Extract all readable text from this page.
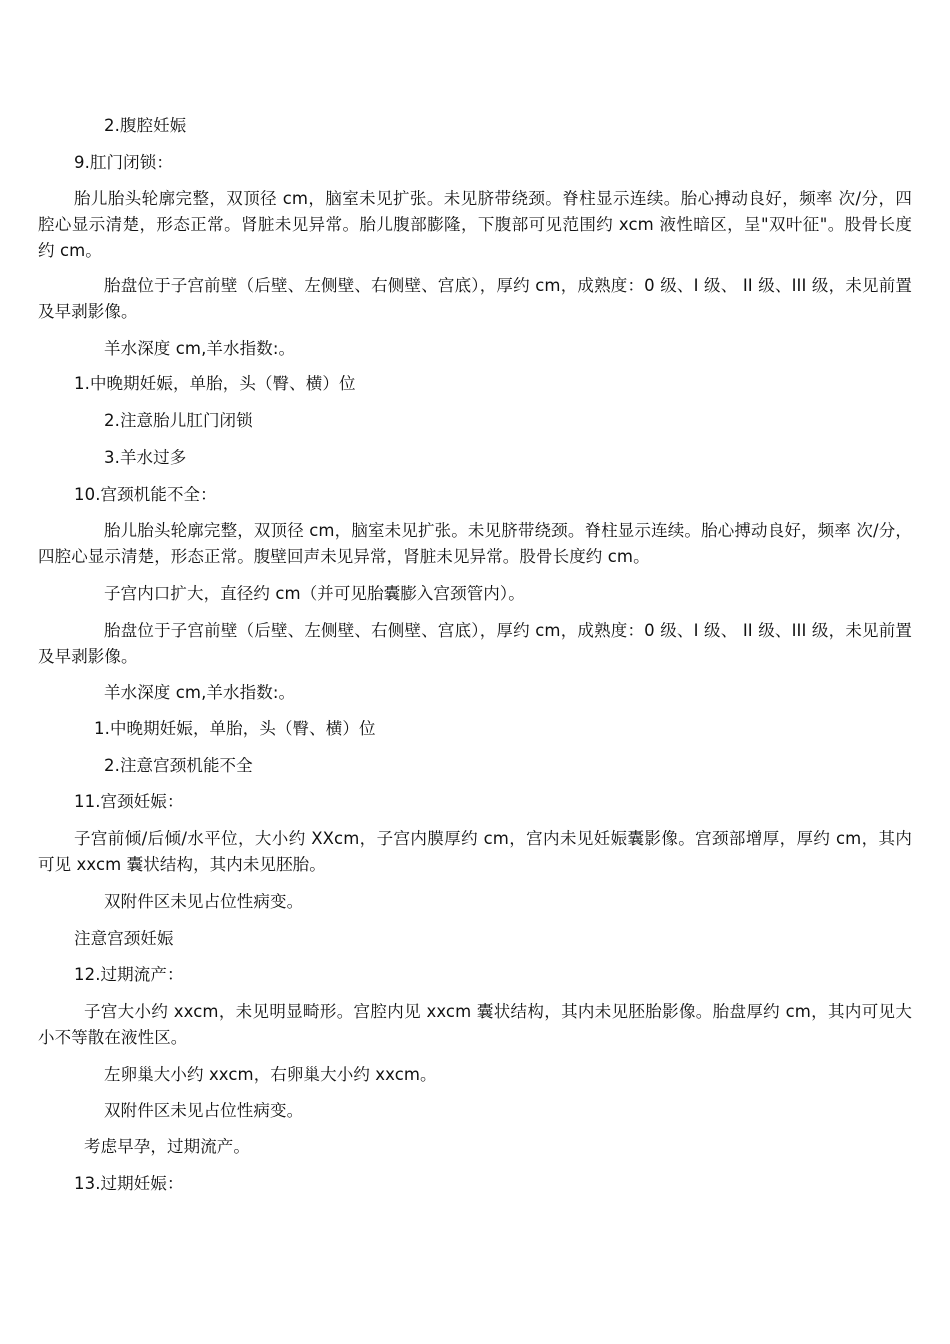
2.腹腔妊娠

9.肛门闭锁：

胎儿胎头轮廓完整，双顶径 cm，脑室未见扩张。未见脐带绕颈。脊柱显示连续。胎心搏动良好，频率 次/分，四腔心显示清楚，形态正常。肾脏未见异常。胎儿腹部膨隆，下腹部可见范围约 xcm 液性暗区，呈"双叶征"。股骨长度约 cm。

胎盘位于子宫前壁（后壁、左侧壁、右侧壁、宫底），厚约 cm，成熟度：0 级、I 级、 II 级、III 级，未见前置及早剥影像。

羊水深度 cm,羊水指数:。

1.中晚期妊娠，单胎，头（臀、横）位

2.注意胎儿肛门闭锁

3.羊水过多

10.宫颈机能不全：

胎儿胎头轮廓完整，双顶径 cm，脑室未见扩张。未见脐带绕颈。脊柱显示连续。胎心搏动良好，频率 次/分，四腔心显示清楚，形态正常。腹壁回声未见异常，肾脏未见异常。股骨长度约 cm。

子宫内口扩大，直径约 cm（并可见胎囊膨入宫颈管内）。

胎盘位于子宫前壁（后壁、左侧壁、右侧壁、宫底），厚约 cm，成熟度：0 级、I 级、 II 级、III 级，未见前置及早剥影像。

羊水深度 cm,羊水指数:。

1.中晚期妊娠，单胎，头（臀、横）位

2.注意宫颈机能不全

11.宫颈妊娠：

子宫前倾/后倾/水平位，大小约 XXcm，子宫内膜厚约 cm，宫内未见妊娠囊影像。宫颈部增厚，厚约 cm，其内可见 xxcm 囊状结构，其内未见胚胎。

双附件区未见占位性病变。

注意宫颈妊娠

12.过期流产：

子宫大小约 xxcm，未见明显畸形。宫腔内见 xxcm 囊状结构，其内未见胚胎影像。胎盘厚约 cm，其内可见大小不等散在液性区。

左卵巢大小约 xxcm，右卵巢大小约 xxcm。

双附件区未见占位性病变。

考虑早孕，过期流产。

13.过期妊娠：
